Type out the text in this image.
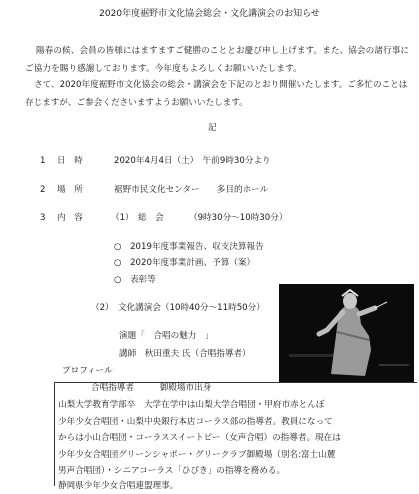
2020年度裾野市文化協会総会・文化講演会のお知らせ
陽春の候、会員の皆様にはますますご健勝のこととお慶び申し上げます。また、協会の諸行事にご協力を賜り感謝しております。今年度もよろしくお願いいたします。
さて、2020年度裾野市文化協会の総会・講演会を下記のとおり開催いたします。ご多忙のことは存じますが、ご参会くださいますようお願いいたします。
記
1 日　時	2020年4月4日（土）　午前9時30分より
2 場　所	裾野市民文化センター　　多目的ホール
3 内　容	（1）　総　会	（9時30分～10時30分）
○　2019年度事業報告、収支決算報告
○　2020年度事業計画、予算（案）
○　表彰等
（2）　文化講演会（10時40分～11時50分）
演題「　合唱の魅力　」
講師　秋田重夫 氏（合唱指導者）
プロフィール
合唱指導者　　　御殿場市出身
山梨大学教育学部卒　大学在学中は山梨大学合唱団・甲府市赤とんぼ
少年少女合唱団・山梨中央銀行本店コーラス部の指導者。教員になって
からは小山合唱団・コーラススイートピー（女声合唱）の指導者。現在は
少年少女合唱団グリーンシャポー・グリークラブ御殿場（別名:富士山麓
男声合唱団）・シニアコーラス「ひびき」の指導を務める。
静岡県少年少女合唱連盟理事。
